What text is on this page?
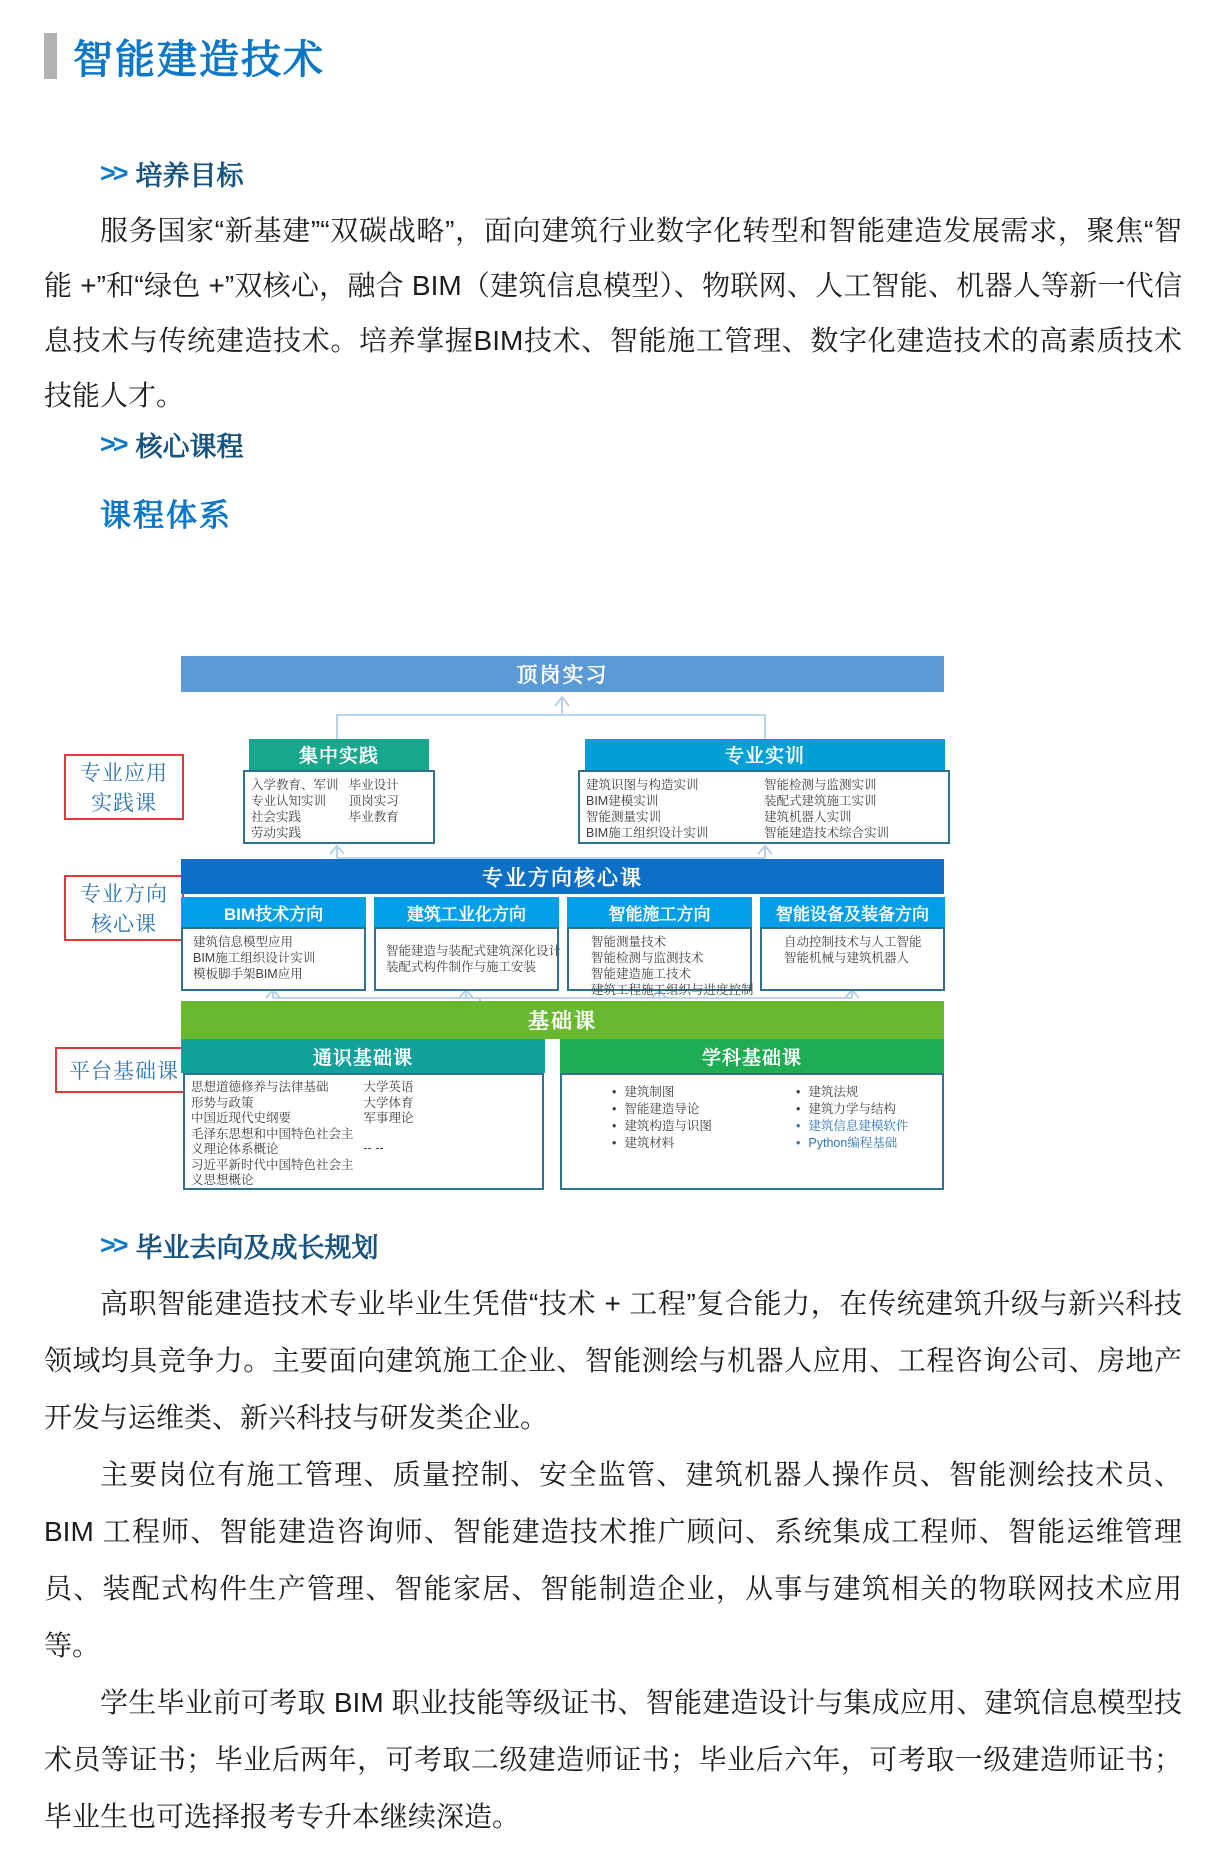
智能建造技术
>> 培养目标

服务国家“新基建”“双碳战略”，面向建筑行业数字化转型和智能建造发展需求，聚焦“智能 +”和“绿色 +”双核心，融合 BIM（建筑信息模型）、物联网、人工智能、机器人等新一代信息技术与传统建造技术。培养掌握BIM技术、智能施工管理、数字化建造技术的高素质技术技能人才。

>> 核心课程
课程体系
顶岗实习
专业应用
实践课
专业方向
核心课
平台基础课
集中实践
入学教育、军训
专业认知实训
社会实践
劳动实践
毕业设计
顶岗实习
毕业教育
专业实训
建筑识图与构造实训
BIM建模实训
智能测量实训
BIM施工组织设计实训
智能检测与监测实训
装配式建筑施工实训
建筑机器人实训
智能建造技术综合实训
专业方向核心课
BIM技术方向
建筑信息模型应用
BIM施工组织设计实训
模板脚手架BIM应用
建筑工业化方向
智能建造与装配式建筑深化设计
装配式构件制作与施工安装
智能施工方向
智能测量技术
智能检测与监测技术
智能建造施工技术
建筑工程施工组织与进度控制
智能设备及装备方向
自动控制技术与人工智能
智能机械与建筑机器人
基础课
通识基础课
思想道德修养与法律基础
形势与政策
中国近现代史纲要
毛泽东思想和中国特色社会主
义理论体系概论
习近平新时代中国特色社会主
义思想概论
大学英语
大学体育
军事理论
-- --
学科基础课
• 建筑制图
• 智能建造导论
• 建筑构造与识图
• 建筑材料
• 建筑法规
• 建筑力学与结构
• 建筑信息建模软件
• Python编程基础
>> 毕业去向及成长规划

高职智能建造技术专业毕业生凭借“技术 + 工程”复合能力，在传统建筑升级与新兴科技领域均具竞争力。主要面向建筑施工企业、智能测绘与机器人应用、工程咨询公司、房地产开发与运维类、新兴科技与研发类企业。

主要岗位有施工管理、质量控制、安全监管、建筑机器人操作员、智能测绘技术员、BIM 工程师、智能建造咨询师、智能建造技术推广顾问、系统集成工程师、智能运维管理员、装配式构件生产管理、智能家居、智能制造企业，从事与建筑相关的物联网技术应用等。

学生毕业前可考取 BIM 职业技能等级证书、智能建造设计与集成应用、建筑信息模型技术员等证书；毕业后两年，可考取二级建造师证书；毕业后六年，可考取一级建造师证书；毕业生也可选择报考专升本继续深造。
